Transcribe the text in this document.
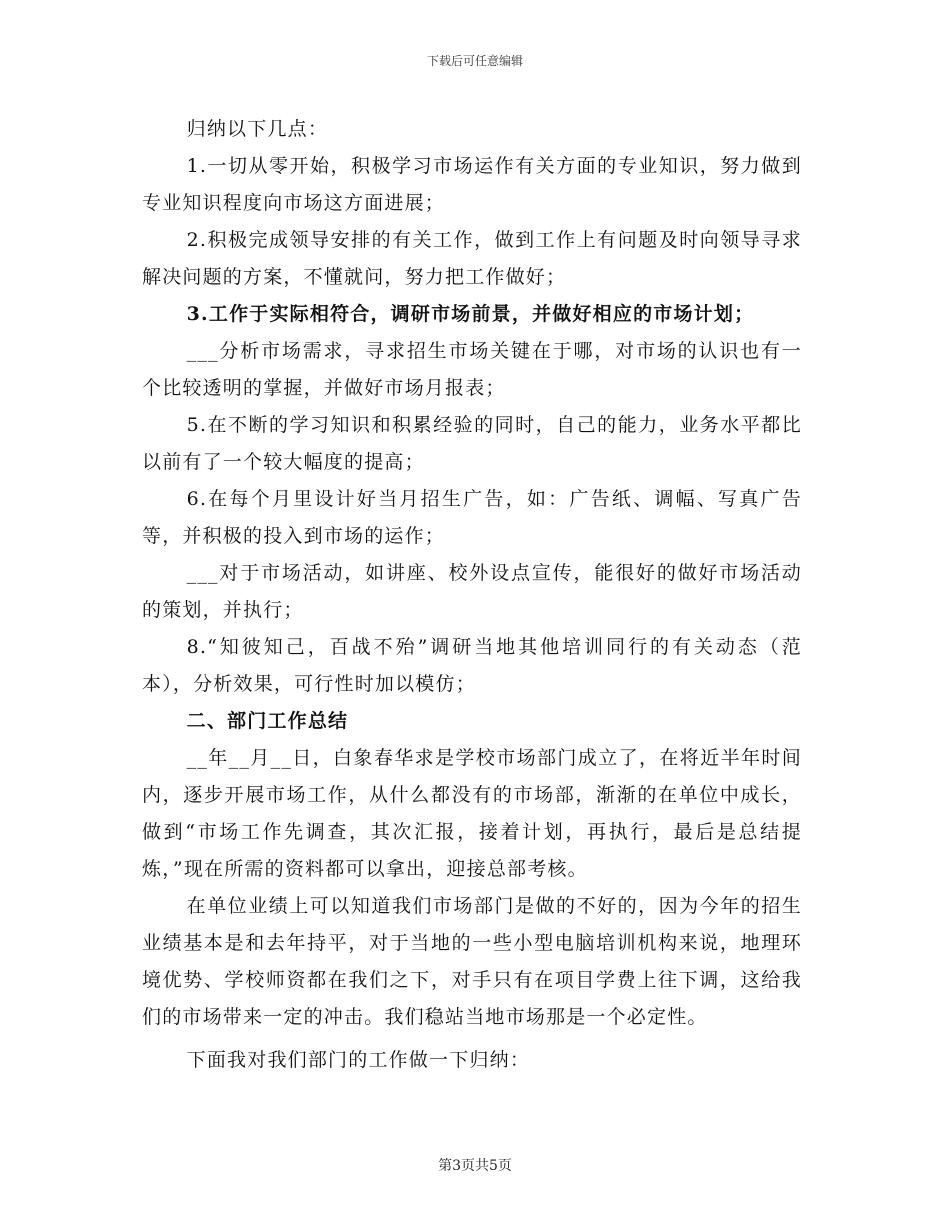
下载后可任意编辑

归纳以下几点：

1.一切从零开始，积极学习市场运作有关方面的专业知识，努力做到专业知识程度向市场这方面进展；

2.积极完成领导安排的有关工作，做到工作上有问题及时向领导寻求解决问题的方案，不懂就问，努力把工作做好；

3.工作于实际相符合，调研市场前景，并做好相应的市场计划；

___分析市场需求，寻求招生市场关键在于哪，对市场的认识也有一个比较透明的掌握，并做好市场月报表；

5.在不断的学习知识和积累经验的同时，自己的能力，业务水平都比以前有了一个较大幅度的提高；

6.在每个月里设计好当月招生广告，如：广告纸、调幅、写真广告等，并积极的投入到市场的运作；

___对于市场活动，如讲座、校外设点宣传，能很好的做好市场活动的策划，并执行；

8.“知彼知己，百战不殆”调研当地其他培训同行的有关动态（范本），分析效果，可行性时加以模仿；

二、部门工作总结

__年__月__日，白象春华求是学校市场部门成立了，在将近半年时间内，逐步开展市场工作，从什么都没有的市场部，渐渐的在单位中成长，做到“市场工作先调查，其次汇报，接着计划，再执行，最后是总结提炼，”现在所需的资料都可以拿出，迎接总部考核。

在单位业绩上可以知道我们市场部门是做的不好的，因为今年的招生业绩基本是和去年持平，对于当地的一些小型电脑培训机构来说，地理环境优势、学校师资都在我们之下，对手只有在项目学费上往下调，这给我们的市场带来一定的冲击。我们稳站当地市场那是一个必定性。

下面我对我们部门的工作做一下归纳：

第3页共5页
